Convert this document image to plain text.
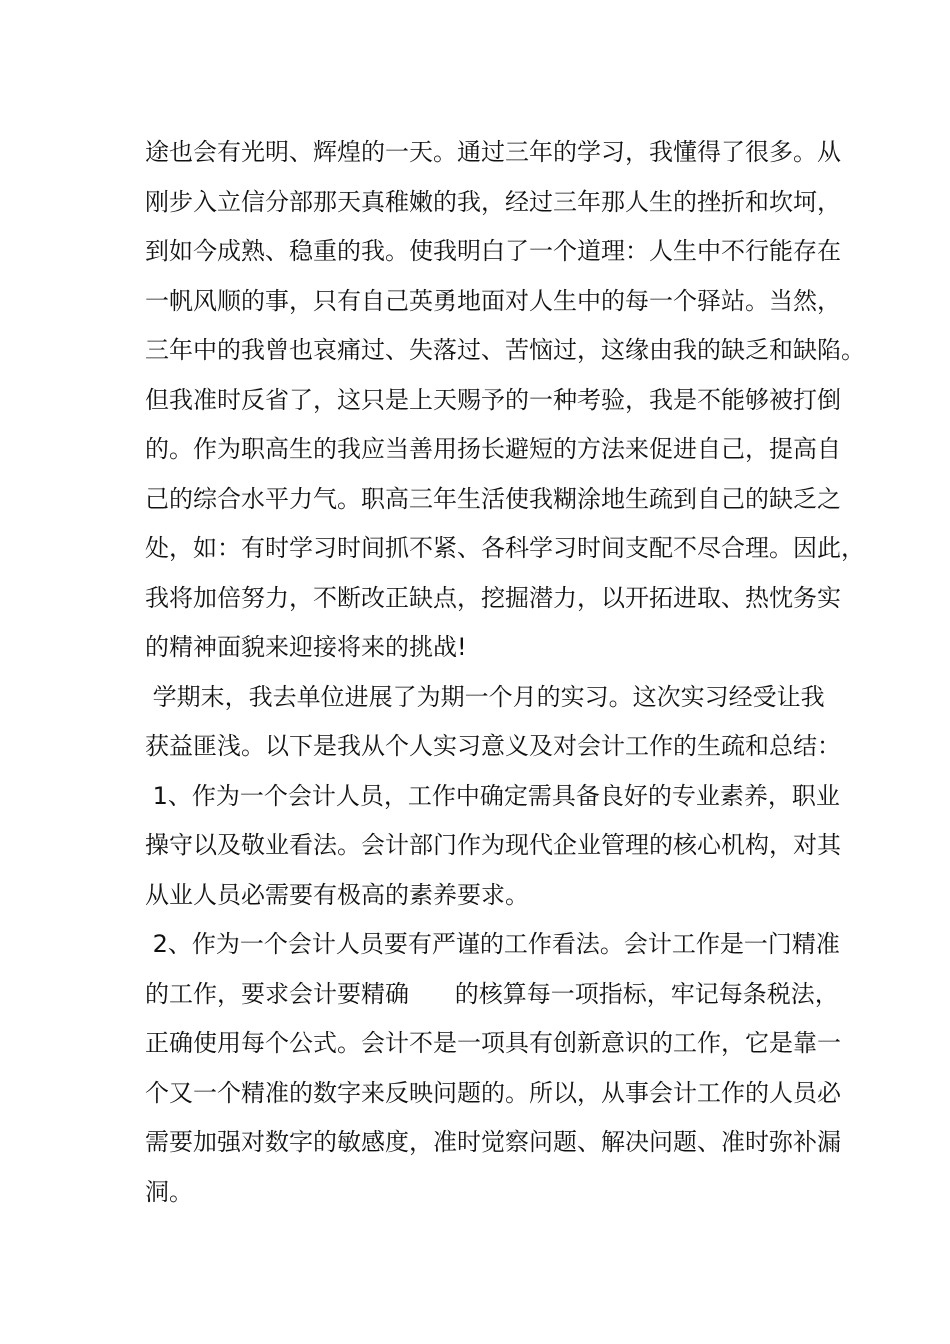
途也会有光明、辉煌的一天。通过三年的学习，我懂得了很多。从
刚步入立信分部那天真稚嫩的我，经过三年那人生的挫折和坎坷，
到如今成熟、稳重的我。使我明白了一个道理：人生中不行能存在
一帆风顺的事，只有自己英勇地面对人生中的每一个驿站。当然，
三年中的我曾也哀痛过、失落过、苦恼过，这缘由我的缺乏和缺陷。
但我准时反省了，这只是上天赐予的一种考验，我是不能够被打倒
的。作为职高生的我应当善用扬长避短的方法来促进自己，提高自
己的综合水平力气。职高三年生活使我糊涂地生疏到自己的缺乏之
处，如：有时学习时间抓不紧、各科学习时间支配不尽合理。因此，
我将加倍努力，不断改正缺点，挖掘潜力，以开拓进取、热忱务实
的精神面貌来迎接将来的挑战!
学期末，我去单位进展了为期一个月的实习。这次实习经受让我
获益匪浅。以下是我从个人实习意义及对会计工作的生疏和总结：
1、作为一个会计人员，工作中确定需具备良好的专业素养，职业
操守以及敬业看法。会计部门作为现代企业管理的核心机构，对其
从业人员必需要有极高的素养要求。
2、作为一个会计人员要有严谨的工作看法。会计工作是一门精准
的工作，要求会计要精确      的核算每一项指标，牢记每条税法，
正确使用每个公式。会计不是一项具有创新意识的工作，它是靠一
个又一个精准的数字来反映问题的。所以，从事会计工作的人员必
需要加强对数字的敏感度，准时觉察问题、解决问题、准时弥补漏
洞。
